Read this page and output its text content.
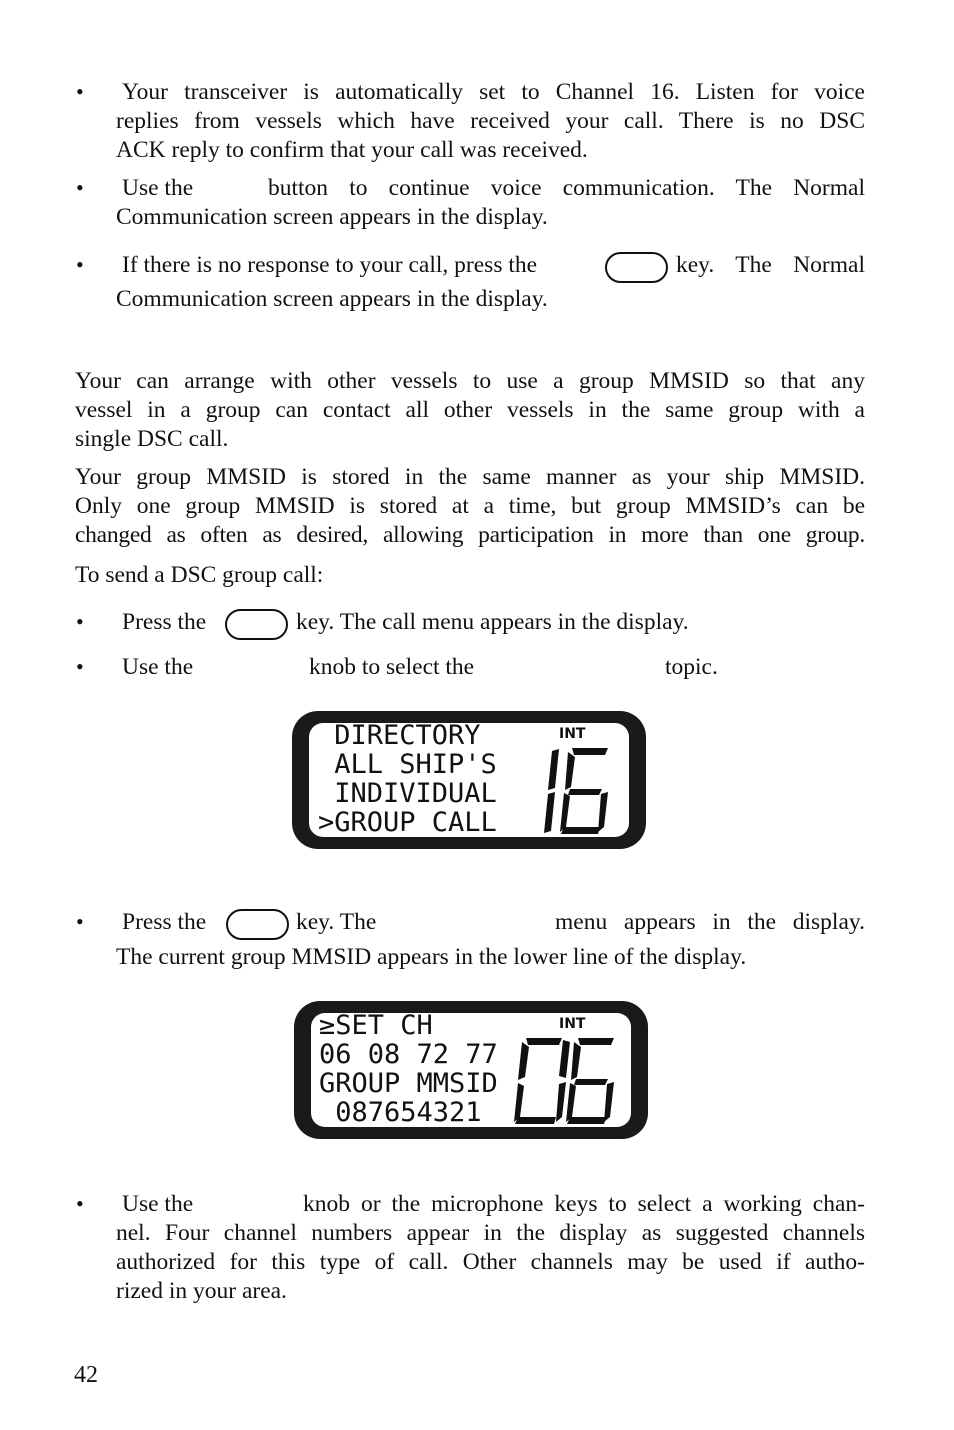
• Your transceiver is automatically set to Channel 16. Listen for voice
replies from vessels which have received your call. There is no DSC
ACK reply to confirm that your call was received.
• Use the	button to continue voice communication. The Normal
Communication screen appears in the display.
• If there is no response to your call, press the	key. The Normal
Communication screen appears in the display.
Your can arrange with other vessels to use a group MMSID so that any
vessel in a group can contact all other vessels in the same group with a
single DSC call.
Your group MMSID is stored in the same manner as your ship MMSID.
Only one group MMSID is stored at a time, but group MMSID’s can be
changed as often as desired, allowing participation in more than one group.
To send a DSC group call:
• Press the	key. The call menu appears in the display.
• Use the	knob to select the	topic.
DIRECTORY
ALL SHIP'S
INDIVIDUAL
>GROUP CALL
INT
• Press the	key. The	menu appears in the display.
The current group MMSID appears in the lower line of the display.
≥SET CH
06 08 72 77
GROUP MMSID
087654321
INT
• Use the	knob or the microphone keys to select a working chan-
nel. Four channel numbers appear in the display as suggested channels
authorized for this type of call. Other channels may be used if autho-
rized in your area.
42
